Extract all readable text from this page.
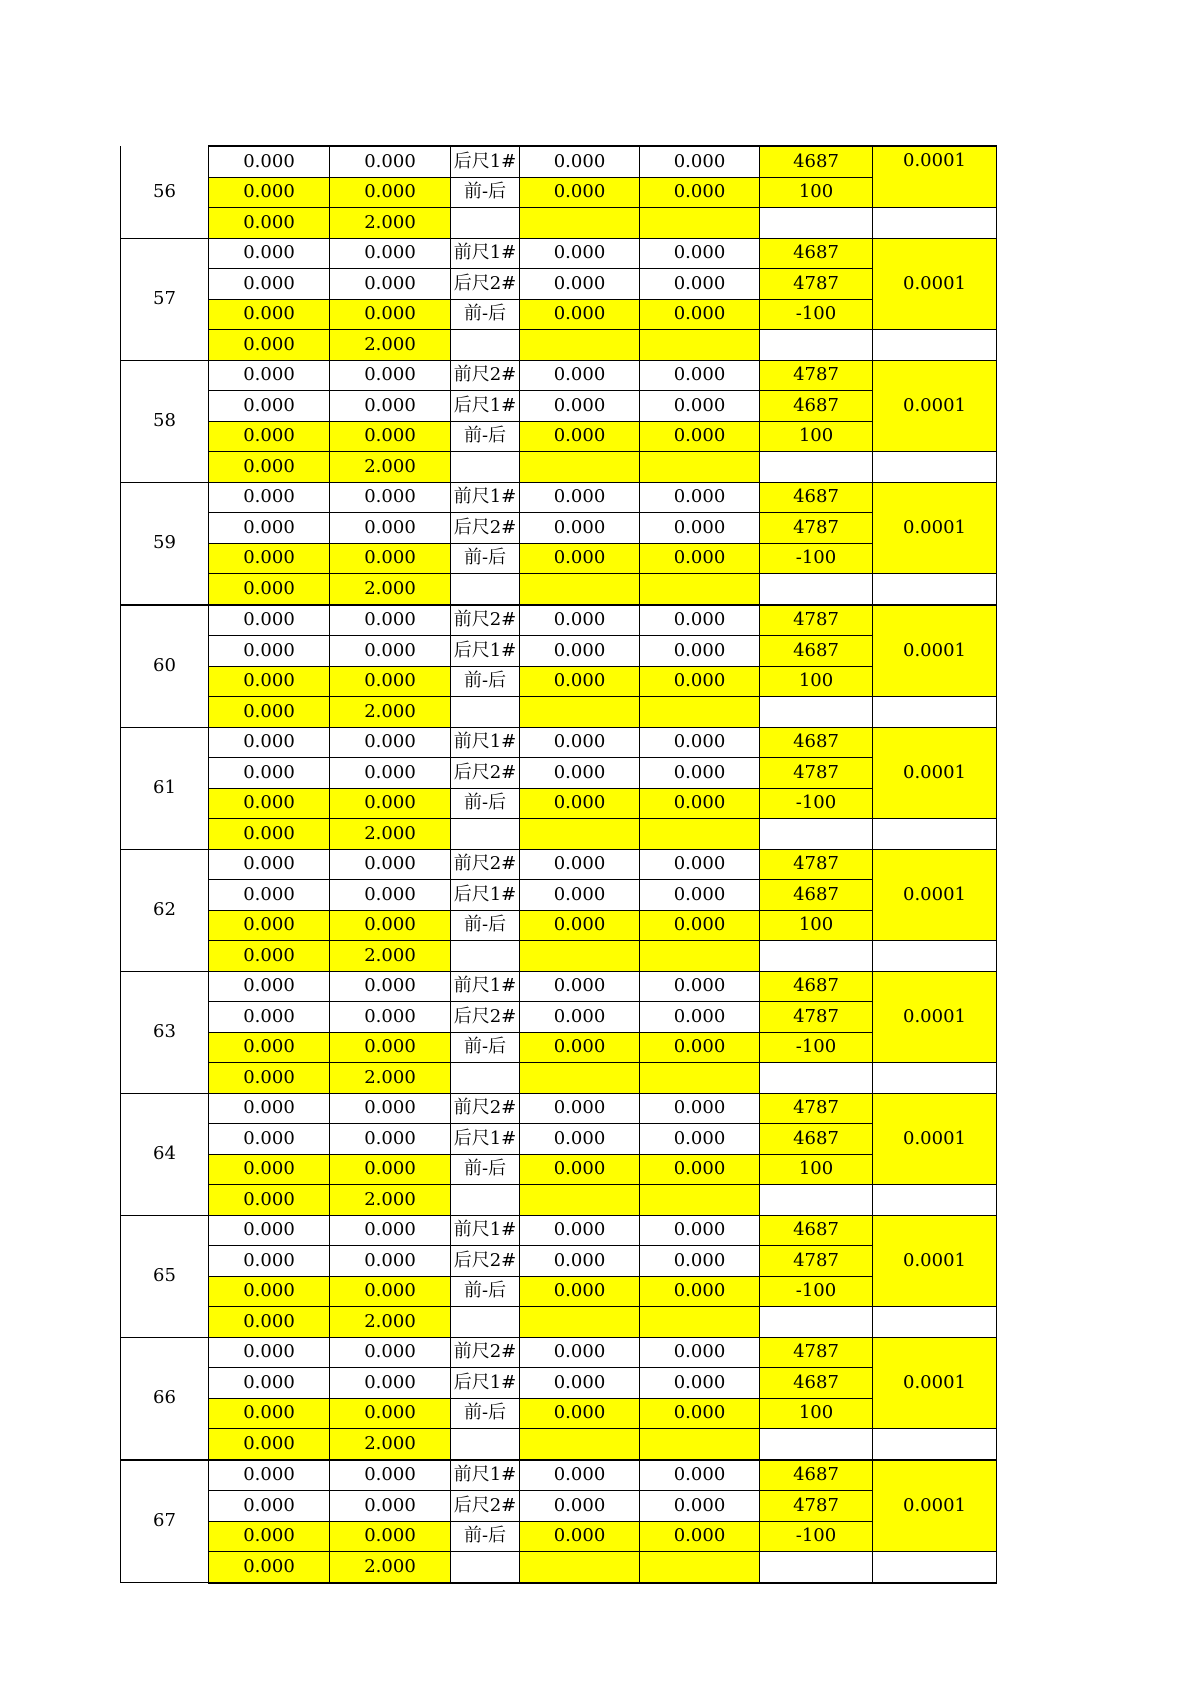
56	0.000	0.000	后尺1#	0.000	0.000	4687	0.0001
	0.000	0.000	前-后	0.000	0.000	100	
	0.000	2.000					
57	0.000	0.000	前尺1#	0.000	0.000	4687	0.0001
	0.000	0.000	后尺2#	0.000	0.000	4787	
	0.000	0.000	前-后	0.000	0.000	-100	
	0.000	2.000					
58	0.000	0.000	前尺2#	0.000	0.000	4787	0.0001
	0.000	0.000	后尺1#	0.000	0.000	4687	
	0.000	0.000	前-后	0.000	0.000	100	
	0.000	2.000					
59	0.000	0.000	前尺1#	0.000	0.000	4687	0.0001
	0.000	0.000	后尺2#	0.000	0.000	4787	
	0.000	0.000	前-后	0.000	0.000	-100	
	0.000	2.000					
60	0.000	0.000	前尺2#	0.000	0.000	4787	0.0001
	0.000	0.000	后尺1#	0.000	0.000	4687	
	0.000	0.000	前-后	0.000	0.000	100	
	0.000	2.000					
61	0.000	0.000	前尺1#	0.000	0.000	4687	0.0001
	0.000	0.000	后尺2#	0.000	0.000	4787	
	0.000	0.000	前-后	0.000	0.000	-100	
	0.000	2.000					
62	0.000	0.000	前尺2#	0.000	0.000	4787	0.0001
	0.000	0.000	后尺1#	0.000	0.000	4687	
	0.000	0.000	前-后	0.000	0.000	100	
	0.000	2.000					
63	0.000	0.000	前尺1#	0.000	0.000	4687	0.0001
	0.000	0.000	后尺2#	0.000	0.000	4787	
	0.000	0.000	前-后	0.000	0.000	-100	
	0.000	2.000					
64	0.000	0.000	前尺2#	0.000	0.000	4787	0.0001
	0.000	0.000	后尺1#	0.000	0.000	4687	
	0.000	0.000	前-后	0.000	0.000	100	
	0.000	2.000					
65	0.000	0.000	前尺1#	0.000	0.000	4687	0.0001
	0.000	0.000	后尺2#	0.000	0.000	4787	
	0.000	0.000	前-后	0.000	0.000	-100	
	0.000	2.000					
66	0.000	0.000	前尺2#	0.000	0.000	4787	0.0001
	0.000	0.000	后尺1#	0.000	0.000	4687	
	0.000	0.000	前-后	0.000	0.000	100	
	0.000	2.000					
67	0.000	0.000	前尺1#	0.000	0.000	4687	0.0001
	0.000	0.000	后尺2#	0.000	0.000	4787	
	0.000	0.000	前-后	0.000	0.000	-100	
	0.000	2.000					
